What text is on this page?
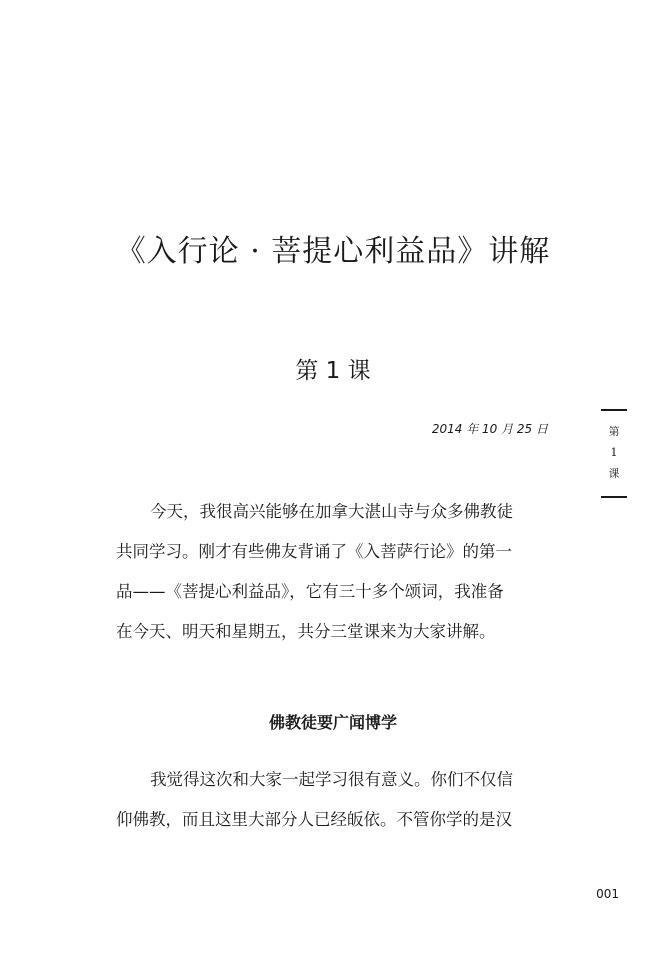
《入行论 · 菩提心利益品》讲解
第 1 课
2014 年 10 月 25 日	第
1
课
今天，我很高兴能够在加拿大湛山寺与众多佛教徒
共同学习。刚才有些佛友背诵了《入菩萨行论》的第一
品——《菩提心利益品》，它有三十多个颂词，我准备
在今天、明天和星期五，共分三堂课来为大家讲解。
佛教徒要广闻博学
我觉得这次和大家一起学习很有意义。你们不仅信
仰佛教，而且这里大部分人已经皈依。不管你学的是汉
001
